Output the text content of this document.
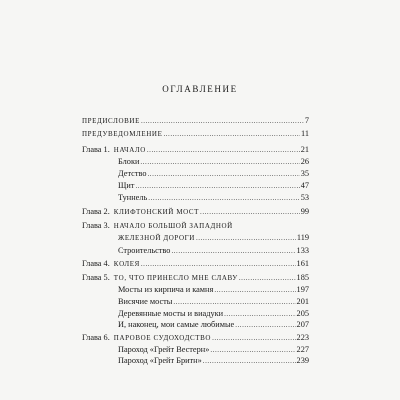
оглавление
Предисловие . . .	7
Предуведомление . . .	11
Глава 1. Начало . . .	21
Блоки . . .	26
Детство . . .	35
Щит . . .	47
Туннель . . .	53
Глава 2. Клифтонский мост . . .	99
Глава 3. Начало Большой Западной
железной дороги . . .	119
Строительство . . .	133
Глава 4. Колея . . .	161
Глава 5. То, что принесло мне славу . . .	185
Мосты из кирпича и камня . . .	197
Висячие мосты . . .	201
Деревянные мосты и виадуки . . .	205
И, наконец, мои самые любимые . . .	207
Глава 6. Паровое судоходство . . .	223
Пароход «Грейт Вестерн» . . .	227
Пароход «Грейт Бритн» . . .	239
